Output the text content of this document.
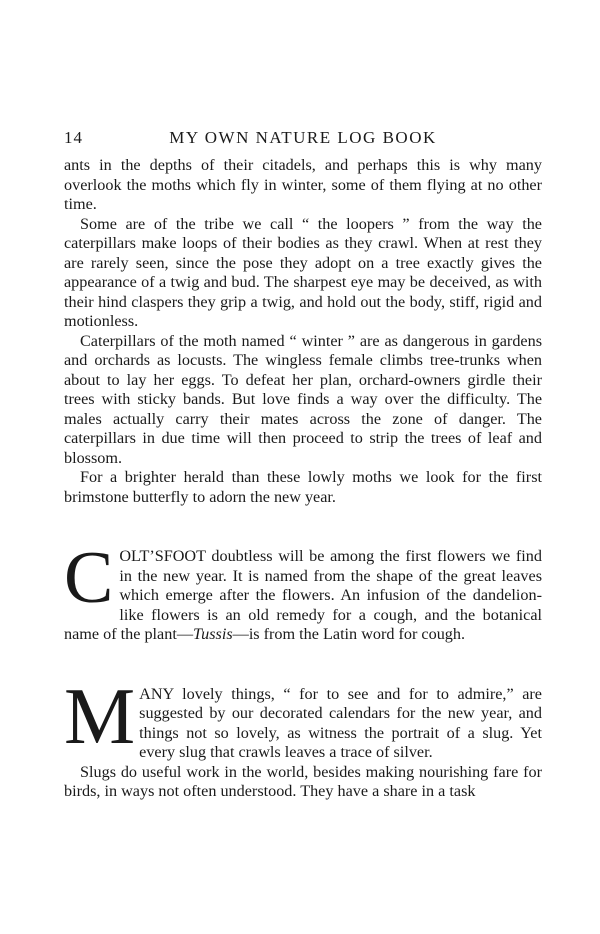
14	MY OWN NATURE LOG BOOK

ants in the depths of their citadels, and perhaps this is why many overlook the moths which fly in winter, some of them flying at no other time.

Some are of the tribe we call “ the loopers ” from the way the caterpillars make loops of their bodies as they crawl. When at rest they are rarely seen, since the pose they adopt on a tree exactly gives the appearance of a twig and bud. The sharpest eye may be deceived, as with their hind claspers they grip a twig, and hold out the body, stiff, rigid and motionless.

Caterpillars of the moth named “ winter ” are as dangerous in gardens and orchards as locusts. The wingless female climbs tree-trunks when about to lay her eggs. To defeat her plan, orchard-owners girdle their trees with sticky bands. But love finds a way over the difficulty. The males actually carry their mates across the zone of danger. The caterpillars in due time will then proceed to strip the trees of leaf and blossom.

For a brighter herald than these lowly moths we look for the first brimstone butterfly to adorn the new year.

COLT’SFOOT doubtless will be among the first flowers we find in the new year. It is named from the shape of the great leaves which emerge after the flowers. An infusion of the dandelion-like flowers is an old remedy for a cough, and the botanical name of the plant—Tussis—is from the Latin word for cough.

MANY lovely things, “ for to see and for to admire,” are suggested by our decorated calendars for the new year, and things not so lovely, as witness the portrait of a slug. Yet every slug that crawls leaves a trace of silver.

Slugs do useful work in the world, besides making nourishing fare for birds, in ways not often understood. They have a share in a task
